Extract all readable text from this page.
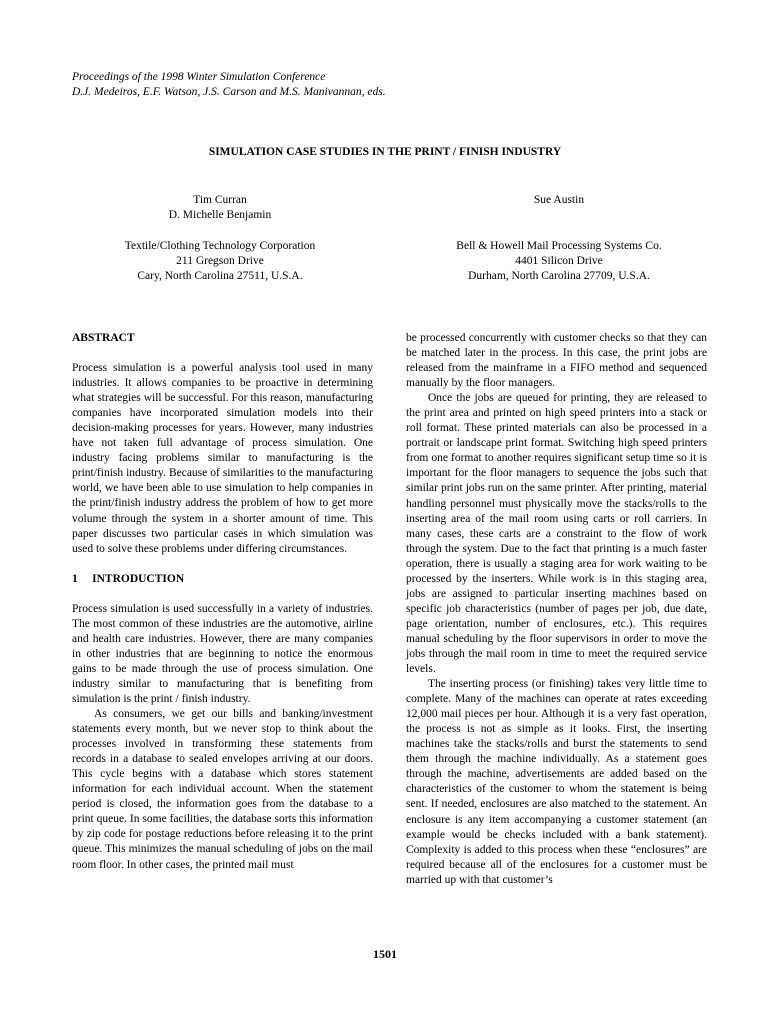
Proceedings of the 1998 Winter Simulation Conference
D.J. Medeiros, E.F. Watson, J.S. Carson and M.S. Manivannan, eds.
SIMULATION CASE STUDIES IN THE PRINT / FINISH INDUSTRY
Tim Curran
D. Michelle Benjamin
Sue Austin
Textile/Clothing Technology Corporation
211 Gregson Drive
Cary, North Carolina 27511, U.S.A.
Bell & Howell Mail Processing Systems Co.
4401 Silicon Drive
Durham, North Carolina 27709, U.S.A.

ABSTRACT

Process simulation is a powerful analysis tool used in many industries. It allows companies to be proactive in determining what strategies will be successful. For this reason, manufacturing companies have incorporated simulation models into their decision-making processes for years. However, many industries have not taken full advantage of process simulation. One industry facing problems similar to manufacturing is the print/finish industry. Because of similarities to the manufacturing world, we have been able to use simulation to help companies in the print/finish industry address the problem of how to get more volume through the system in a shorter amount of time. This paper discusses two particular cases in which simulation was used to solve these problems under differing circumstances.

1     INTRODUCTION

Process simulation is used successfully in a variety of industries. The most common of these industries are the automotive, airline and health care industries. However, there are many companies in other industries that are beginning to notice the enormous gains to be made through the use of process simulation. One industry similar to manufacturing that is benefiting from simulation is the print / finish industry.

As consumers, we get our bills and banking/investment statements every month, but we never stop to think about the processes involved in transforming these statements from records in a database to sealed envelopes arriving at our doors. This cycle begins with a database which stores statement information for each individual account. When the statement period is closed, the information goes from the database to a print queue. In some facilities, the database sorts this information by zip code for postage reductions before releasing it to the print queue. This minimizes the manual scheduling of jobs on the mail room floor. In other cases, the printed mail must

be processed concurrently with customer checks so that they can be matched later in the process. In this case, the print jobs are released from the mainframe in a FIFO method and sequenced manually by the floor managers.

Once the jobs are queued for printing, they are released to the print area and printed on high speed printers into a stack or roll format. These printed materials can also be processed in a portrait or landscape print format. Switching high speed printers from one format to another requires significant setup time so it is important for the floor managers to sequence the jobs such that similar print jobs run on the same printer. After printing, material handling personnel must physically move the stacks/rolls to the inserting area of the mail room using carts or roll carriers. In many cases, these carts are a constraint to the flow of work through the system. Due to the fact that printing is a much faster operation, there is usually a staging area for work waiting to be processed by the inserters. While work is in this staging area, jobs are assigned to particular inserting machines based on specific job characteristics (number of pages per job, due date, page orientation, number of enclosures, etc.). This requires manual scheduling by the floor supervisors in order to move the jobs through the mail room in time to meet the required service levels.

The inserting process (or finishing) takes very little time to complete. Many of the machines can operate at rates exceeding 12,000 mail pieces per hour. Although it is a very fast operation, the process is not as simple as it looks. First, the inserting machines take the stacks/rolls and burst the statements to send them through the machine individually. As a statement goes through the machine, advertisements are added based on the characteristics of the customer to whom the statement is being sent. If needed, enclosures are also matched to the statement. An enclosure is any item accompanying a customer statement (an example would be checks included with a bank statement). Complexity is added to this process when these “enclosures” are required because all of the enclosures for a customer must be married up with that customer’s

1501
